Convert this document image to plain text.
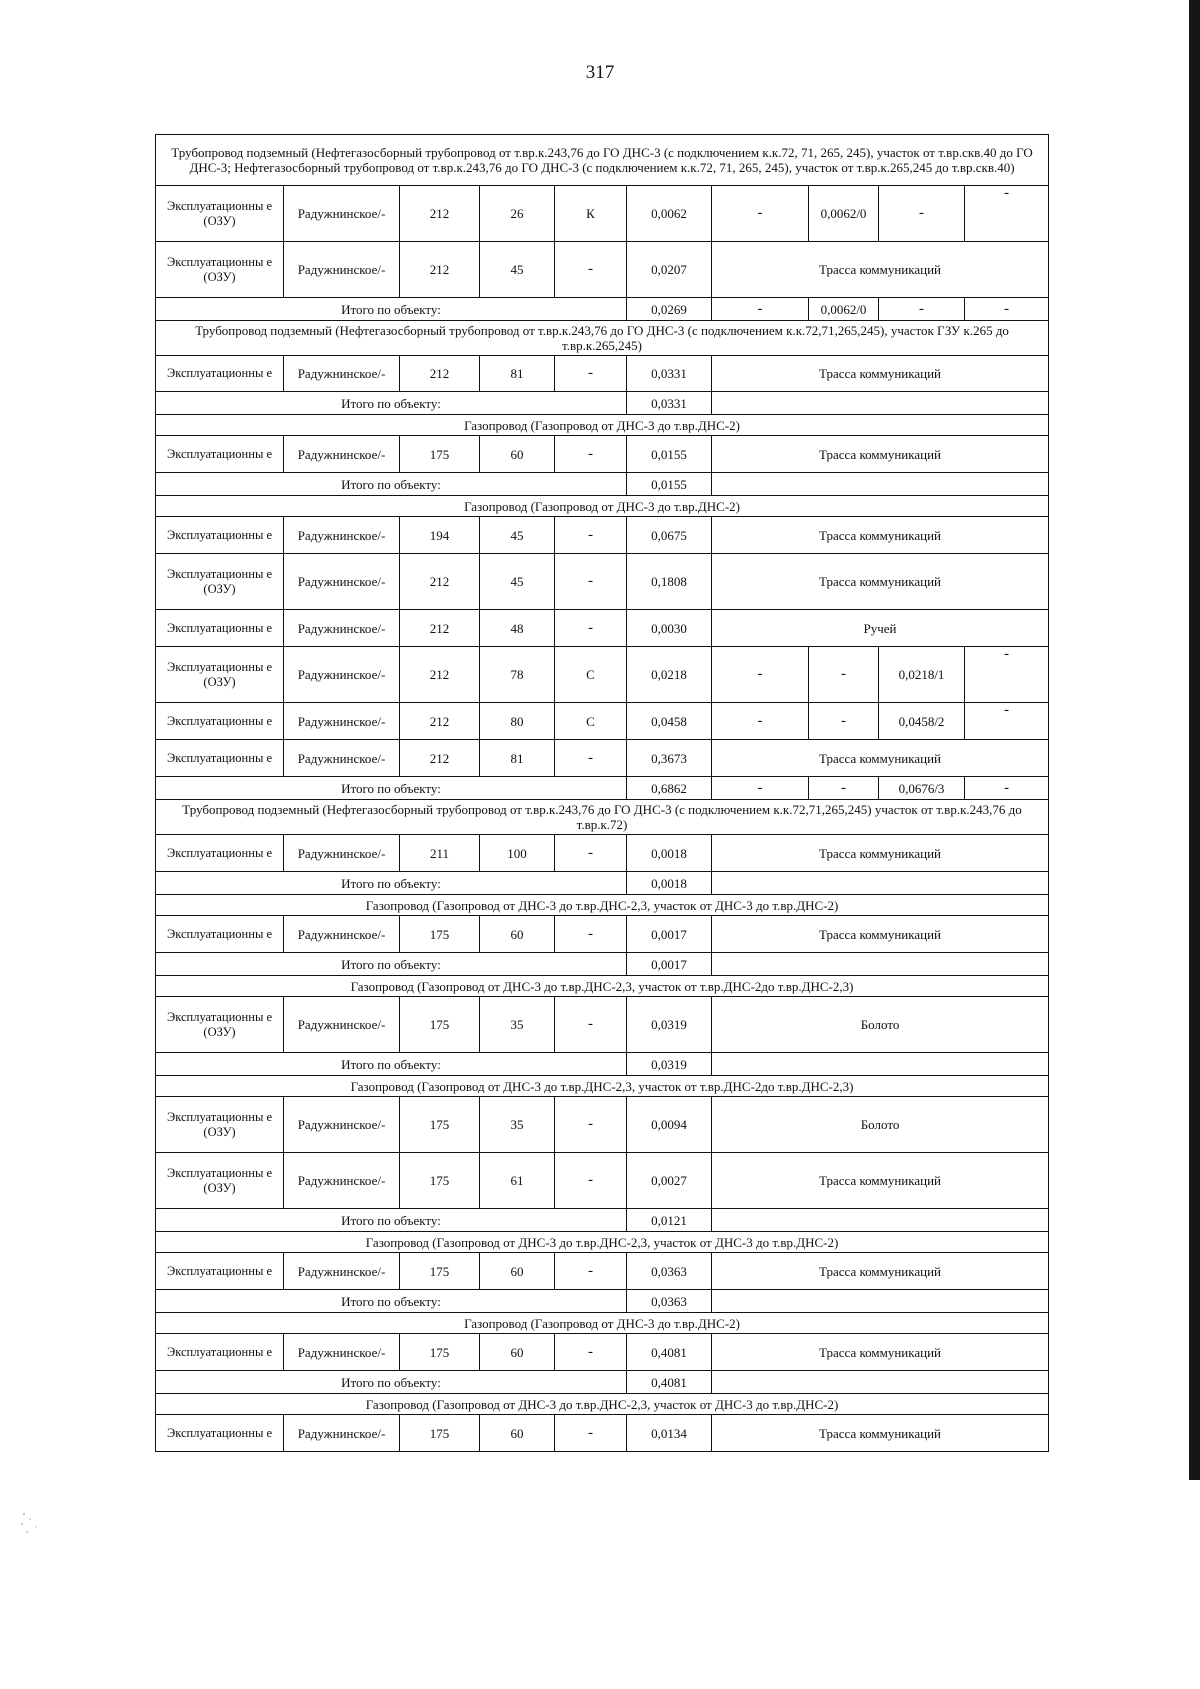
317
Трубопровод подземный (Нефтегазосборный трубопровод от т.вр.к.243,76 до ГО ДНС-3 (с подключением к.к.72, 71, 265, 245), участок от т.вр.скв.40 до ГО ДНС-3; Нефтегазосборный трубопровод от т.вр.к.243,76 до ГО ДНС-3 (с подключением к.к.72, 71, 265, 245), участок от т.вр.к.265,245 до т.вр.скв.40)									
Эксплуатационны е (ОЗУ)	Радужнинское/-	212	26	К	0,0062	-	0,0062/0	-	-
Эксплуатационны е (ОЗУ)	Радужнинское/-	212	45	-	0,0207	Трасса коммуникаций			
Итого по объекту:					0,0269	-	0,0062/0	-	-
Трубопровод подземный (Нефтегазосборный трубопровод от т.вр.к.243,76 до ГО ДНС-3 (с подключением к.к.72,71,265,245), участок ГЗУ к.265 до т.вр.к.265,245)									
Эксплуатационны е	Радужнинское/-	212	81	-	0,0331	Трасса коммуникаций			
Итого по объекту:					0,0331				
Газопровод (Газопровод от ДНС-3 до т.вр.ДНС-2)									
Эксплуатационны е	Радужнинское/-	175	60	-	0,0155	Трасса коммуникаций			
Итого по объекту:					0,0155				
Газопровод (Газопровод от ДНС-3 до т.вр.ДНС-2)									
Эксплуатационны е	Радужнинское/-	194	45	-	0,0675	Трасса коммуникаций			
Эксплуатационны е (ОЗУ)	Радужнинское/-	212	45	-	0,1808	Трасса коммуникаций			
Эксплуатационны е	Радужнинское/-	212	48	-	0,0030	Ручей			
Эксплуатационны е (ОЗУ)	Радужнинское/-	212	78	С	0,0218	-	-	0,0218/1	-
Эксплуатационны е	Радужнинское/-	212	80	С	0,0458	-	-	0,0458/2	-
Эксплуатационны е	Радужнинское/-	212	81	-	0,3673	Трасса коммуникаций			
Итого по объекту:					0,6862	-	-	0,0676/3	-
Трубопровод подземный (Нефтегазосборный трубопровод от т.вр.к.243,76 до ГО ДНС-3 (с подключением к.к.72,71,265,245) участок от т.вр.к.243,76 до т.вр.к.72)									
Эксплуатационны е	Радужнинское/-	211	100	-	0,0018	Трасса коммуникаций			
Итого по объекту:					0,0018				
Газопровод (Газопровод от ДНС-3 до т.вр.ДНС-2,3, участок от ДНС-3 до т.вр.ДНС-2)									
Эксплуатационны е	Радужнинское/-	175	60	-	0,0017	Трасса коммуникаций			
Итого по объекту:					0,0017				
Газопровод (Газопровод от ДНС-3 до т.вр.ДНС-2,3, участок от т.вр.ДНС-2до т.вр.ДНС-2,3)									
Эксплуатационны е (ОЗУ)	Радужнинское/-	175	35	-	0,0319	Болото			
Итого по объекту:					0,0319				
Газопровод (Газопровод от ДНС-3 до т.вр.ДНС-2,3, участок от т.вр.ДНС-2до т.вр.ДНС-2,3)									
Эксплуатационны е (ОЗУ)	Радужнинское/-	175	35	-	0,0094	Болото			
Эксплуатационны е (ОЗУ)	Радужнинское/-	175	61	-	0,0027	Трасса коммуникаций			
Итого по объекту:					0,0121				
Газопровод (Газопровод от ДНС-3 до т.вр.ДНС-2,3, участок от ДНС-3 до т.вр.ДНС-2)									
Эксплуатационны е	Радужнинское/-	175	60	-	0,0363	Трасса коммуникаций			
Итого по объекту:					0,0363				
Газопровод (Газопровод от ДНС-3 до т.вр.ДНС-2)									
Эксплуатационны е	Радужнинское/-	175	60	-	0,4081	Трасса коммуникаций			
Итого по объекту:					0,4081				
Газопровод (Газопровод от ДНС-3 до т.вр.ДНС-2,3, участок от ДНС-3 до т.вр.ДНС-2)									
Эксплуатационны е	Радужнинское/-	175	60	-	0,0134	Трасса коммуникаций			
